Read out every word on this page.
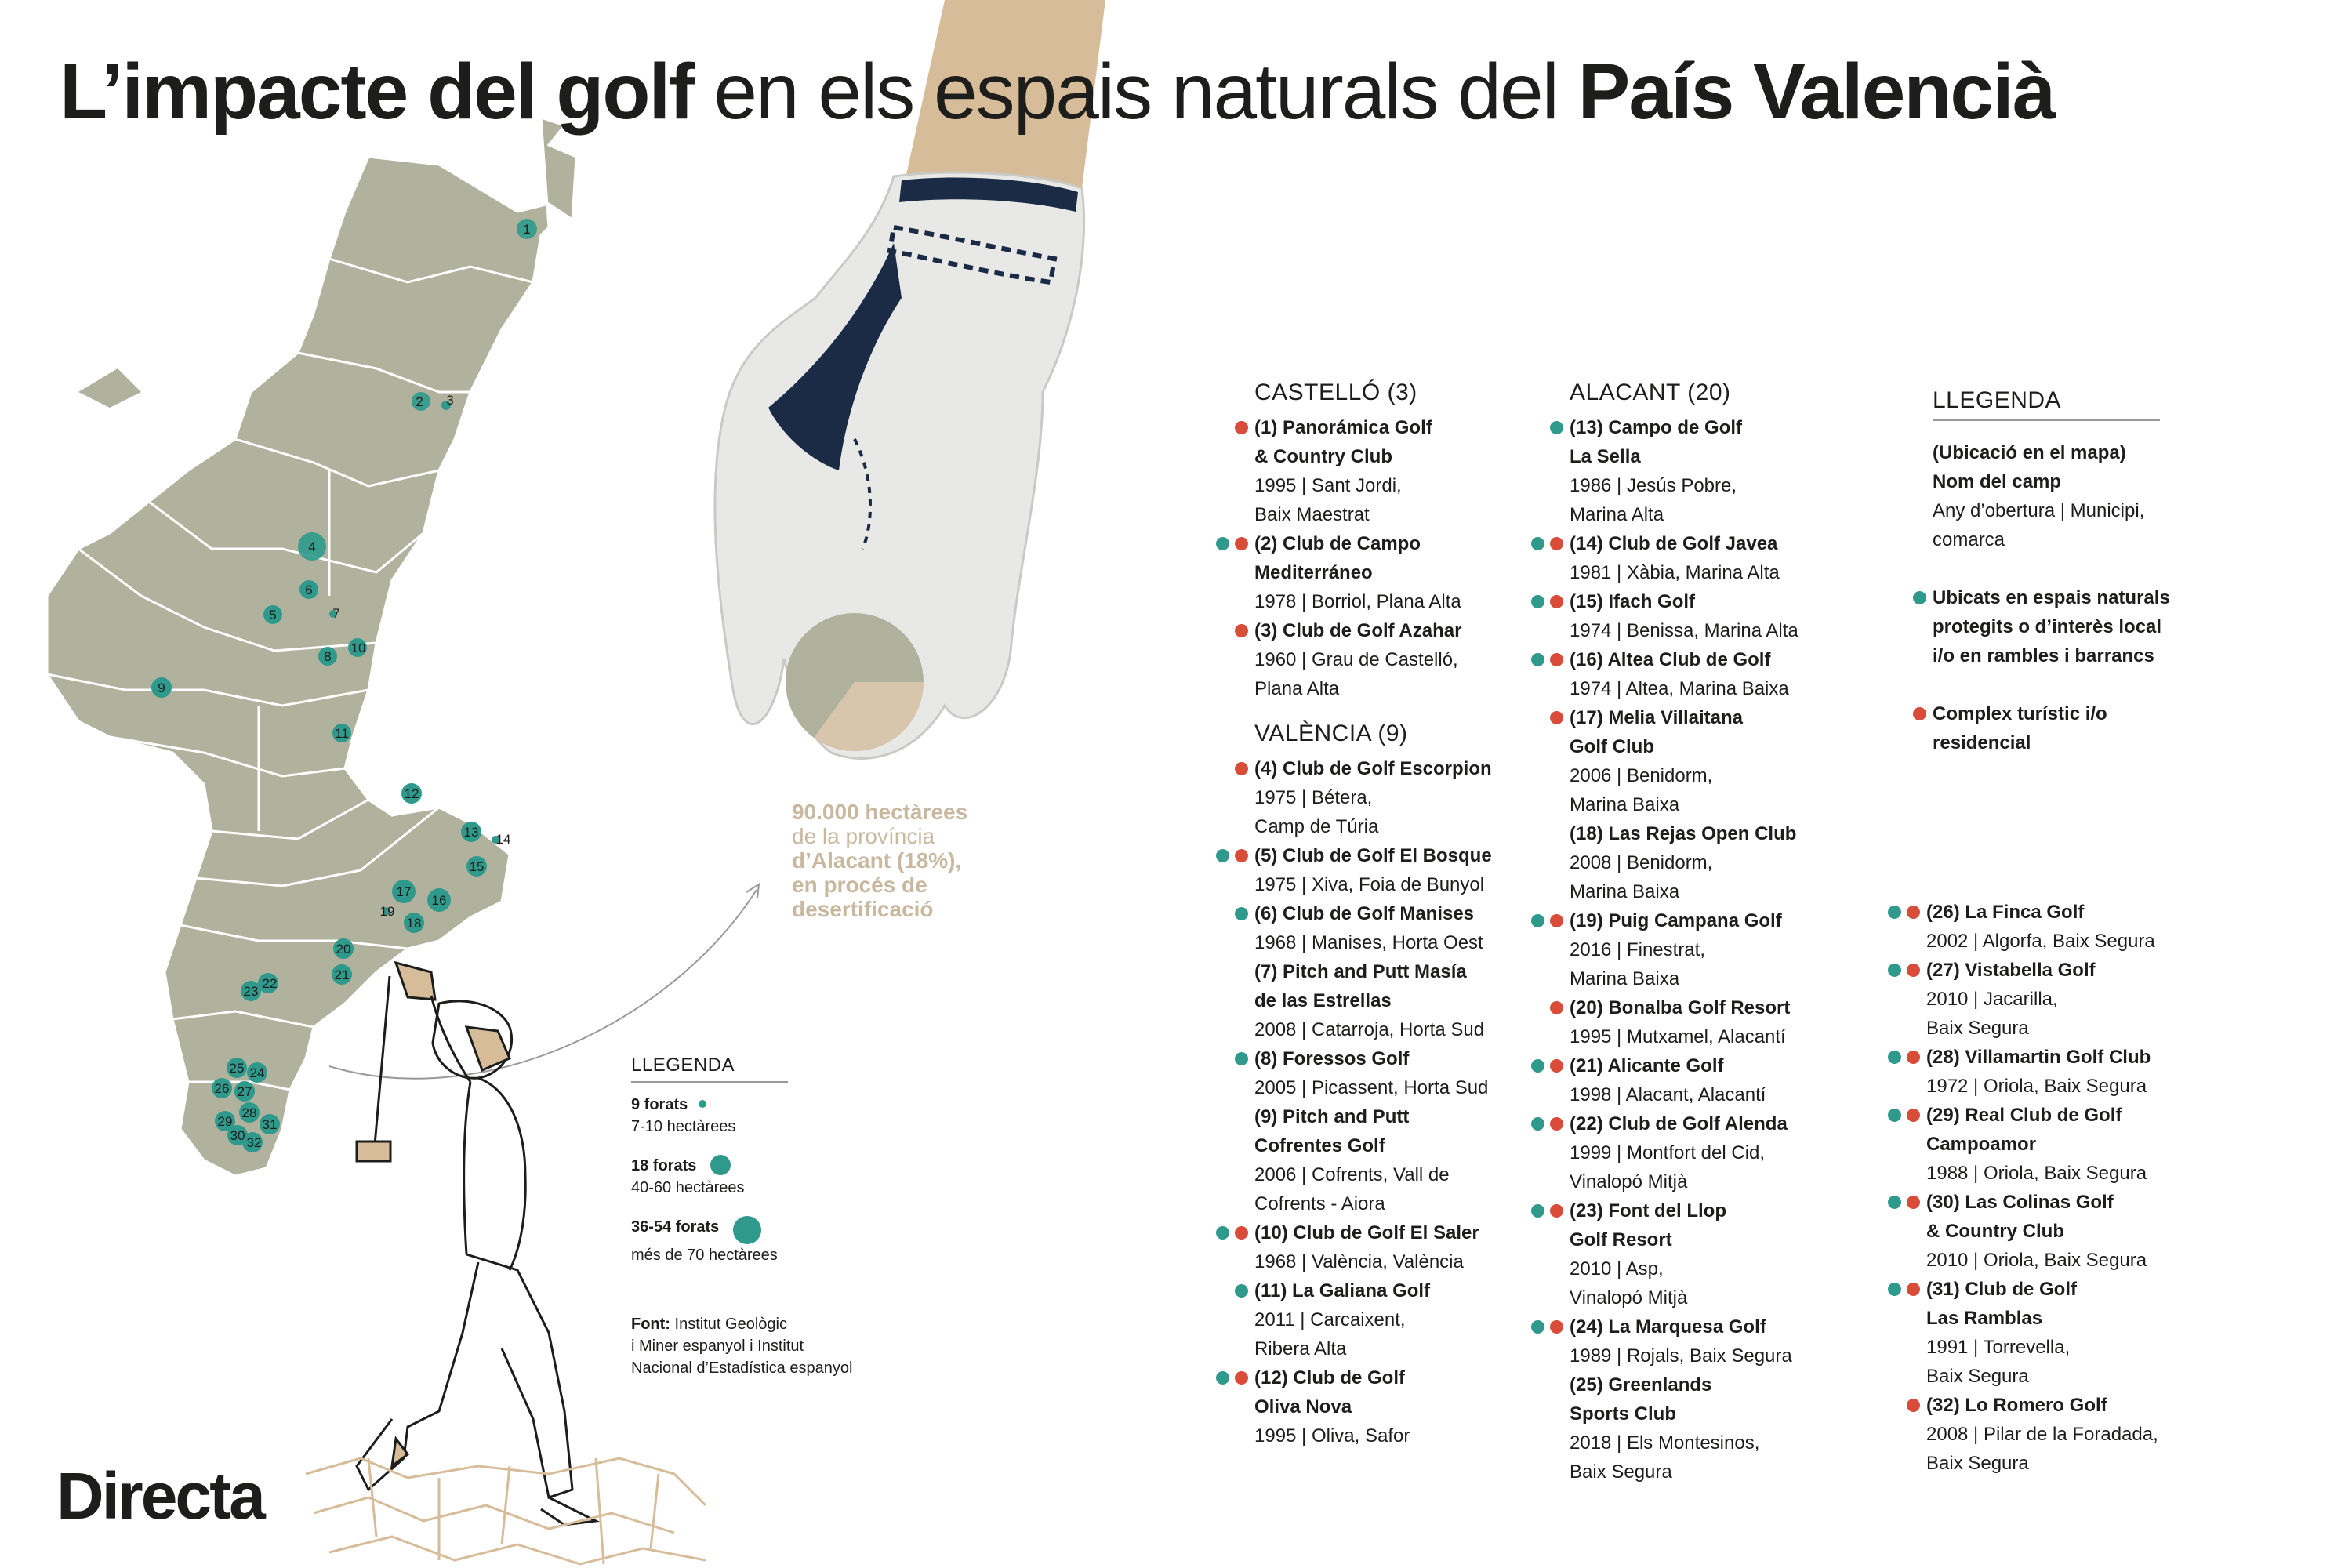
1
2 3
4
5
6
7
8
9
10
11
12
13 14
15
16
17
18
19
20
21
22
23
24
25
26 27
28
29
30
31
32
L’impacte del golf en els espais naturals del País Valencià
90.000 hectàrees
de la província
d’Alacant (18%),
en procés de
desertificació
LLEGENDA
9 forats
7-10 hectàrees
18 forats
40-60 hectàrees
36-54 forats
més de 70 hectàrees
Font: Institut Geològic
i Miner espanyol i Institut
Nacional d’Estadística espanyol
CASTELLÓ (3)
(1) Panorámica Golf
& Country Club
1995 | Sant Jordi,
Baix Maestrat
(2) Club de Campo
Mediterráneo
1978 | Borriol, Plana Alta
(3) Club de Golf Azahar
1960 | Grau de Castelló,
Plana Alta
VALÈNCIA (9)
(4) Club de Golf Escorpion
1975 | Bétera,
Camp de Túria
(5) Club de Golf El Bosque
1975 | Xiva, Foia de Bunyol
(6) Club de Golf Manises
1968 | Manises, Horta Oest
(7) Pitch and Putt Masía
de las Estrellas
2008 | Catarroja, Horta Sud
(8) Foressos Golf
2005 | Picassent, Horta Sud
(9) Pitch and Putt
Cofrentes Golf
2006 | Cofrents, Vall de
Cofrents - Aiora
(10) Club de Golf El Saler
1968 | València, València
(11) La Galiana Golf
2011 | Carcaixent,
Ribera Alta
(12) Club de Golf
Oliva Nova
1995 | Oliva, Safor
ALACANT (20)
(13) Campo de Golf
La Sella
1986 | Jesús Pobre,
Marina Alta
(14) Club de Golf Javea
1981 | Xàbia, Marina Alta
(15) Ifach Golf
1974 | Benissa, Marina Alta
(16) Altea Club de Golf
1974 | Altea, Marina Baixa
(17) Melia Villaitana
Golf Club
2006 | Benidorm,
Marina Baixa
(18) Las Rejas Open Club
2008 | Benidorm,
Marina Baixa
(19) Puig Campana Golf
2016 | Finestrat,
Marina Baixa
(20) Bonalba Golf Resort
1995 | Mutxamel, Alacantí
(21) Alicante Golf
1998 | Alacant, Alacantí
(22) Club de Golf Alenda
1999 | Montfort del Cid,
Vinalopó Mitjà
(23) Font del Llop
Golf Resort
2010 | Asp,
Vinalopó Mitjà
(24) La Marquesa Golf
1989 | Rojals, Baix Segura
(25) Greenlands
Sports Club
2018 | Els Montesinos,
Baix Segura
LLEGENDA
(Ubicació en el mapa)
Nom del camp
Any d’obertura | Municipi,
comarca
Ubicats en espais naturals
protegits o d’interès local
i/o en rambles i barrancs
Complex turístic i/o
residencial
(26) La Finca Golf
2002 | Algorfa, Baix Segura
(27) Vistabella Golf
2010 | Jacarilla,
Baix Segura
(28) Villamartin Golf Club
1972 | Oriola, Baix Segura
(29) Real Club de Golf
Campoamor
1988 | Oriola, Baix Segura
(30) Las Colinas Golf
& Country Club
2010 | Oriola, Baix Segura
(31) Club de Golf
Las Ramblas
1991 | Torrevella,
Baix Segura
(32) Lo Romero Golf
2008 | Pilar de la Foradada,
Baix Segura
Directa
